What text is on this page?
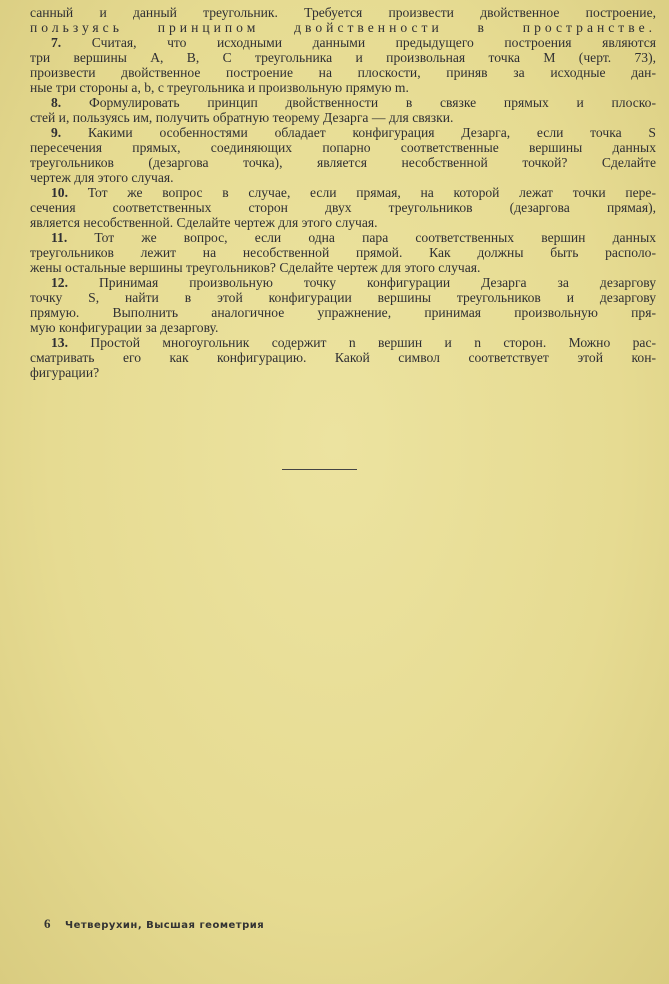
санный и данный треугольник. Требуется произвести двойственное построение,
пользуясь принципом двойственности в пространстве.
7. Считая, что исходными данными предыдущего построения являются
три вершины A, B, C треугольника и произвольная точка M (черт. 73),
произвести двойственное построение на плоскости, приняв за исходные дан-
ные три стороны a, b, c треугольника и произвольную прямую m.
8. Формулировать принцип двойственности в связке прямых и плоско-
стей и, пользуясь им, получить обратную теорему Дезарга — для связки.
9. Какими особенностями обладает конфигурация Дезарга, если точка S
пересечения прямых, соединяющих попарно соответственные вершины данных
треугольников (дезаргова точка), является несобственной точкой? Сделайте
чертеж для этого случая.
10. Тот же вопрос в случае, если прямая, на которой лежат точки пере-
сечения соответственных сторон двух треугольников (дезаргова прямая),
является несобственной. Сделайте чертеж для этого случая.
11. Тот же вопрос, если одна пара соответственных вершин данных
треугольников лежит на несобственной прямой. Как должны быть располо-
жены остальные вершины треугольников? Сделайте чертеж для этого случая.
12. Принимая произвольную точку конфигурации Дезарга за дезаргову
точку S, найти в этой конфигурации вершины треугольников и дезаргову
прямую. Выполнить аналогичное упражнение, принимая произвольную пря-
мую конфигурации за дезаргову.
13. Простой многоугольник содержит n вершин и n сторон. Можно рас-
сматривать его как конфигурацию. Какой символ соответствует этой кон-
фигурации?
6 Четверухин, Высшая геометрия
